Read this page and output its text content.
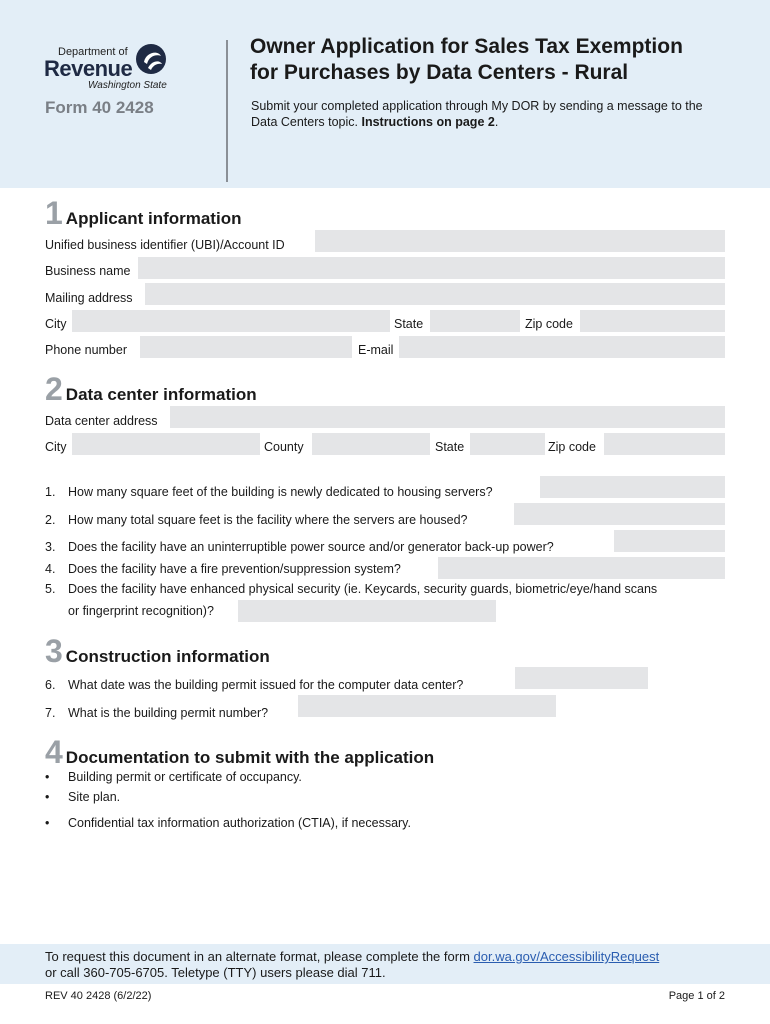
Department of
Revenue
Washington State
Form 40 2428
Owner Application for Sales Tax Exemption
for Purchases by Data Centers - Rural
Submit your completed application through My DOR by sending a message to the Data Centers topic. Instructions on page 2.
1 Applicant information
Unified business identifier (UBI)/Account ID
Business name
Mailing address
City	State	Zip code
Phone number	E-mail
2 Data center information
Data center address
City	County	State	Zip code
1. How many square feet of the building is newly dedicated to housing servers?
2. How many total square feet is the facility where the servers are housed?
3. Does the facility have an uninterruptible power source and/or generator back-up power?
4. Does the facility have a fire prevention/suppression system?
5. Does the facility have enhanced physical security (ie. Keycards, security guards, biometric/eye/hand scans
or fingerprint recognition)?
3 Construction information
6. What date was the building permit issued for the computer data center?
7. What is the building permit number?
4 Documentation to submit with the application
• Building permit or certificate of occupancy.
• Site plan.
• Confidential tax information authorization (CTIA), if necessary.
To request this document in an alternate format, please complete the form dor.wa.gov/AccessibilityRequest
or call 360-705-6705. Teletype (TTY) users please dial 711.
REV 40 2428 (6/2/22)	Page 1 of 2
